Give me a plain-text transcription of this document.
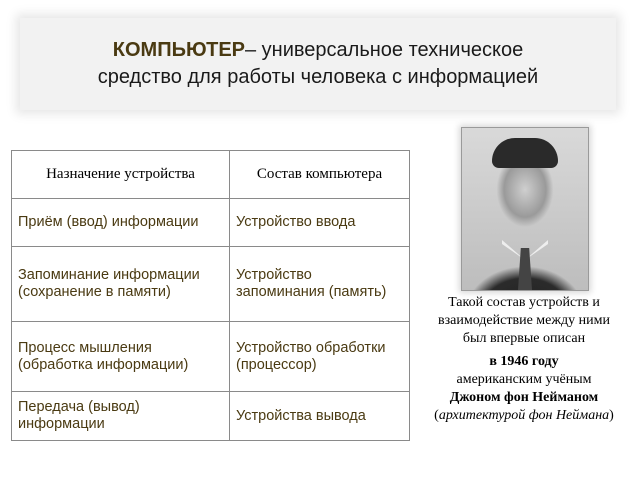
КОМПЬЮТЕР– универсальное техническое
средство для работы человека с информацией
Назначение устройства	Состав компьютера
Приём (ввод) информации	Устройство ввода
Запоминание информации (сохранение в памяти)	Устройство запоминания (память)
Процесс мышления (обработка информации)	Устройство обработки (процессор)
Передача (вывод) информации	Устройства вывода
Такой состав устройств и
взаимодействие между ними
был впервые описан
в 1946 году
американским учёным
Джоном фон Нейманом
(архитектурой фон Неймана)
